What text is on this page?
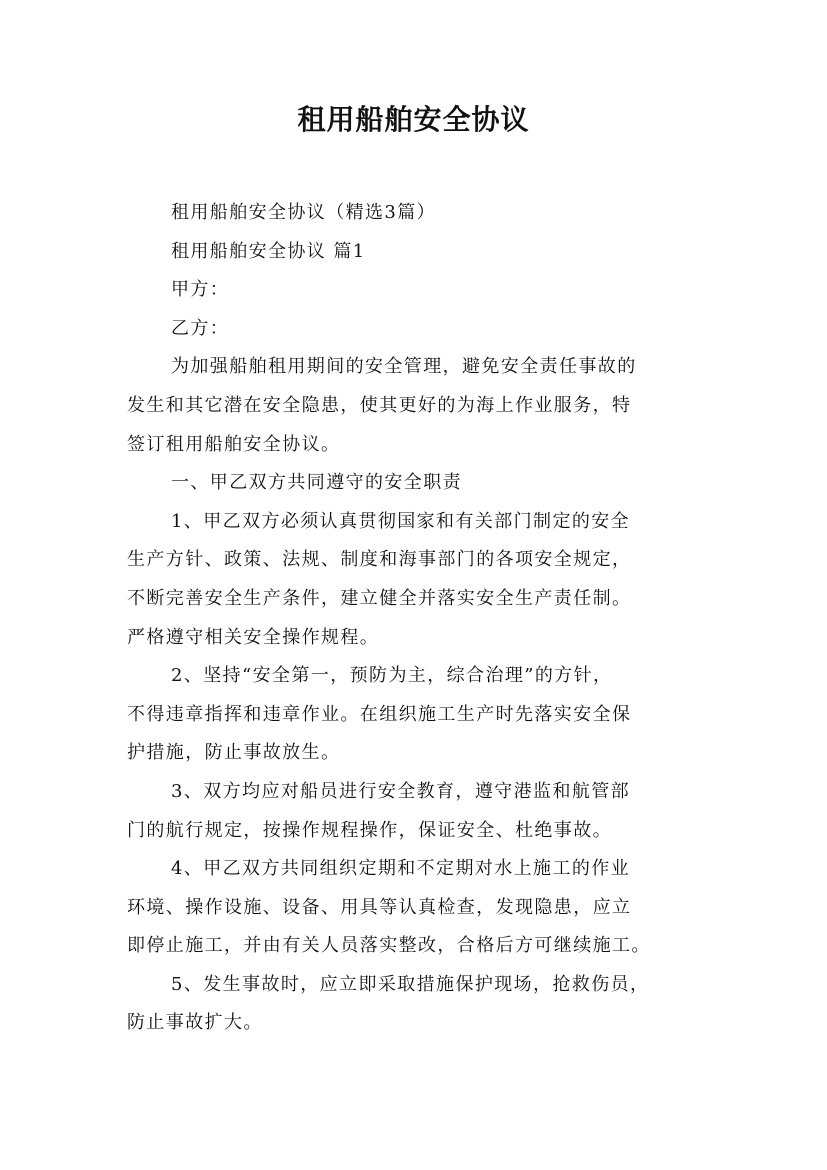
租用船舶安全协议

租用船舶安全协议（精选3篇）

租用船舶安全协议 篇1

甲方：

乙方：

为加强船舶租用期间的安全管理，避免安全责任事故的

发生和其它潜在安全隐患，使其更好的为海上作业服务，特

签订租用船舶安全协议。

一、甲乙双方共同遵守的安全职责

1、甲乙双方必须认真贯彻国家和有关部门制定的安全

生产方针、政策、法规、制度和海事部门的各项安全规定，

不断完善安全生产条件，建立健全并落实安全生产责任制。

严格遵守相关安全操作规程。

2、坚持“安全第一，预防为主，综合治理”的方针，

不得违章指挥和违章作业。在组织施工生产时先落实安全保

护措施，防止事故放生。

3、双方均应对船员进行安全教育，遵守港监和航管部

门的航行规定，按操作规程操作，保证安全、杜绝事故。

4、甲乙双方共同组织定期和不定期对水上施工的作业

环境、操作设施、设备、用具等认真检查，发现隐患，应立

即停止施工，并由有关人员落实整改，合格后方可继续施工。

5、发生事故时，应立即采取措施保护现场，抢救伤员，

防止事故扩大。
